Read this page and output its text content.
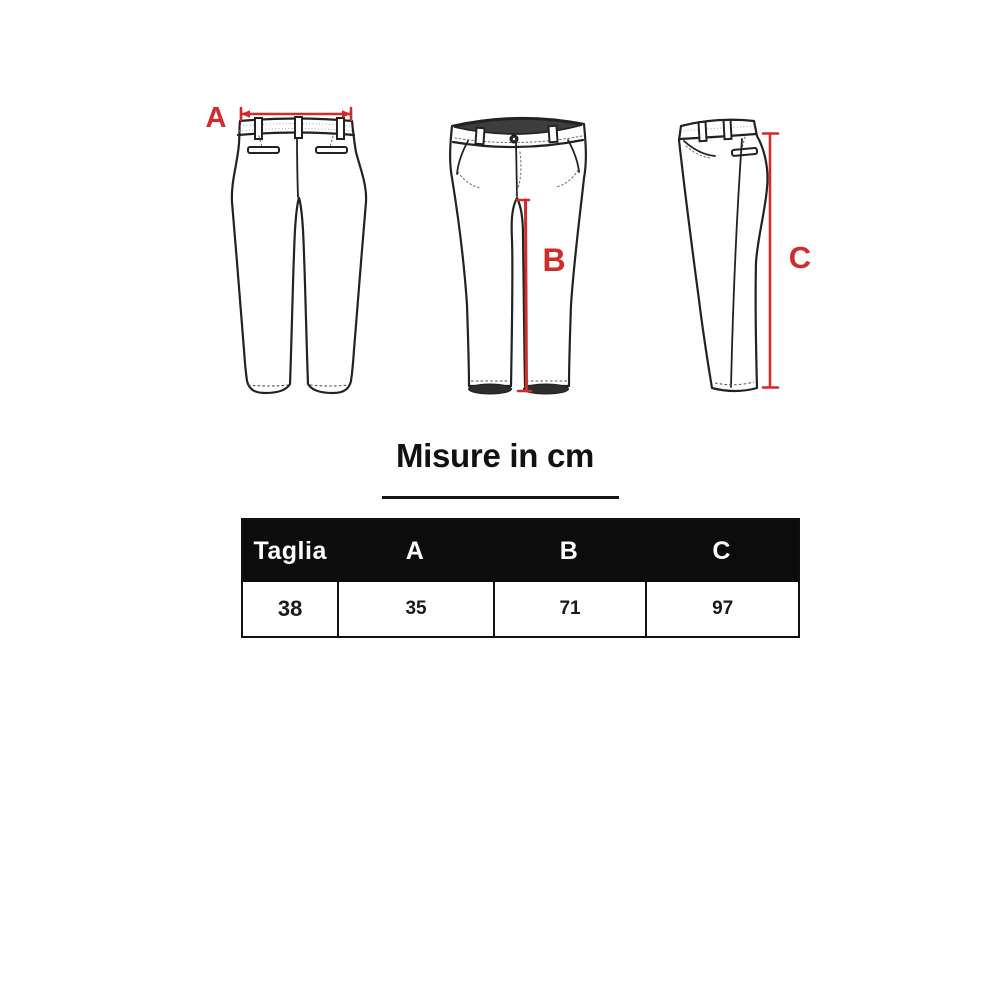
A
B	C
Misure in cm
Taglia	A	B	C
38	35	71	97
